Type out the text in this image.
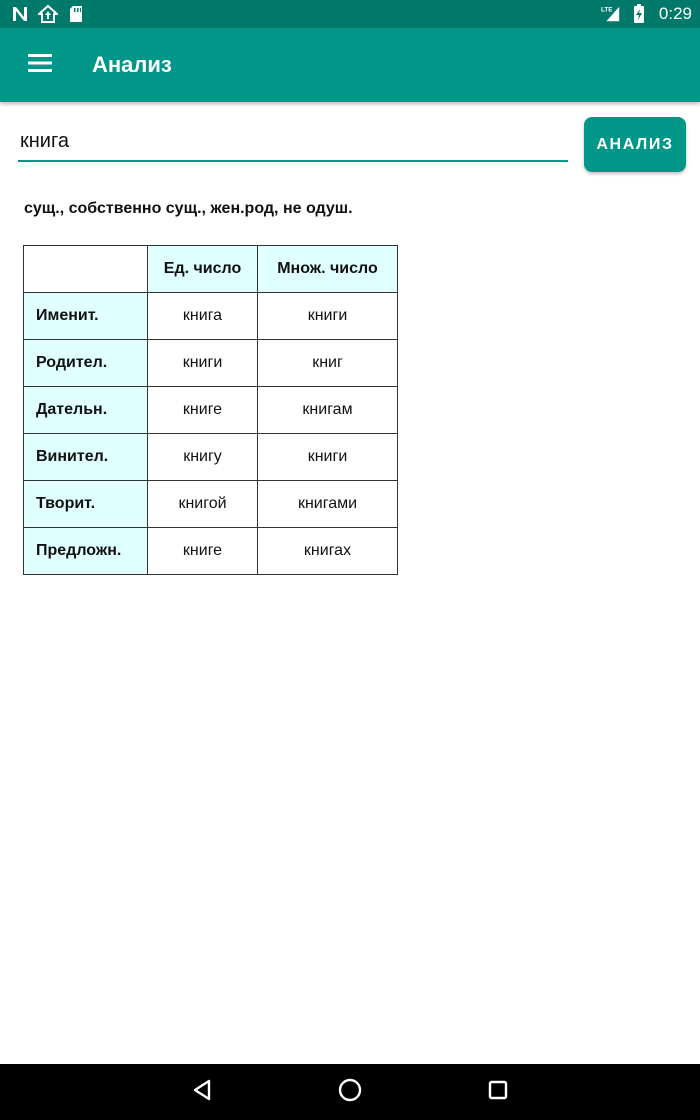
LTE	0:29
Анализ
книга
АНАЛИЗ
сущ., собственно сущ., жен.род, не одуш.
	Ед. число	Множ. число
Именит.	книга	книги
Родител.	книги	книг
Дательн.	книге	книгам
Винител.	книгу	книги
Творит.	книгой	книгами
Предложн.	книге	книгах
